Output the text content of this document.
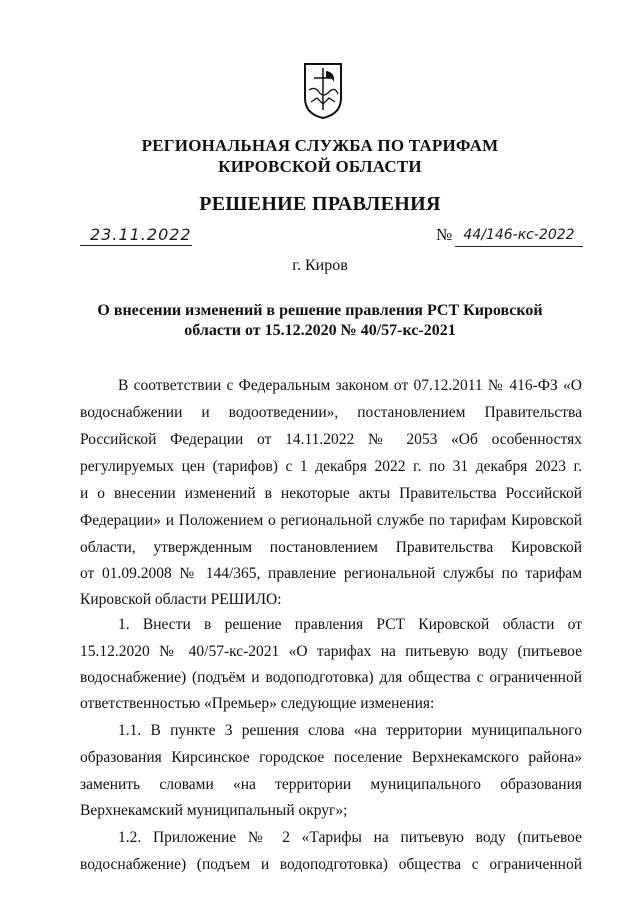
РЕГИОНАЛЬНАЯ СЛУЖБА ПО ТАРИФАМ
КИРОВСКОЙ ОБЛАСТИ
РЕШЕНИЕ ПРАВЛЕНИЯ
23.11.2022	№ 44/146-кс-2022
г. Киров
О внесении изменений в решение правления РСТ Кировской
области от 15.12.2020 № 40/57-кс-2021
В соответствии с Федеральным законом от 07.12.2011 № 416-ФЗ «О
водоснабжении и водоотведении», постановлением Правительства
Российской Федерации от 14.11.2022 № 2053 «Об особенностях
регулируемых цен (тарифов) с 1 декабря 2022 г. по 31 декабря 2023 г.
и о внесении изменений в некоторые акты Правительства Российской
Федерации» и Положением о региональной службе по тарифам Кировской
области, утвержденным постановлением Правительства Кировской
от 01.09.2008 № 144/365, правление региональной службы по тарифам
Кировской области РЕШИЛО:
1. Внести в решение правления РСТ Кировской области от
15.12.2020 № 40/57-кс-2021 «О тарифах на питьевую воду (питьевое
водоснабжение) (подъём и водоподготовка) для общества с ограниченной
ответственностью «Премьер» следующие изменения:
1.1. В пункте 3 решения слова «на территории муниципального
образования Кирсинское городское поселение Верхнекамского района»
заменить словами «на территории муниципального образования
Верхнекамский муниципальный округ»;
1.2. Приложение № 2 «Тарифы на питьевую воду (питьевое
водоснабжение) (подъем и водоподготовка) общества с ограниченной
